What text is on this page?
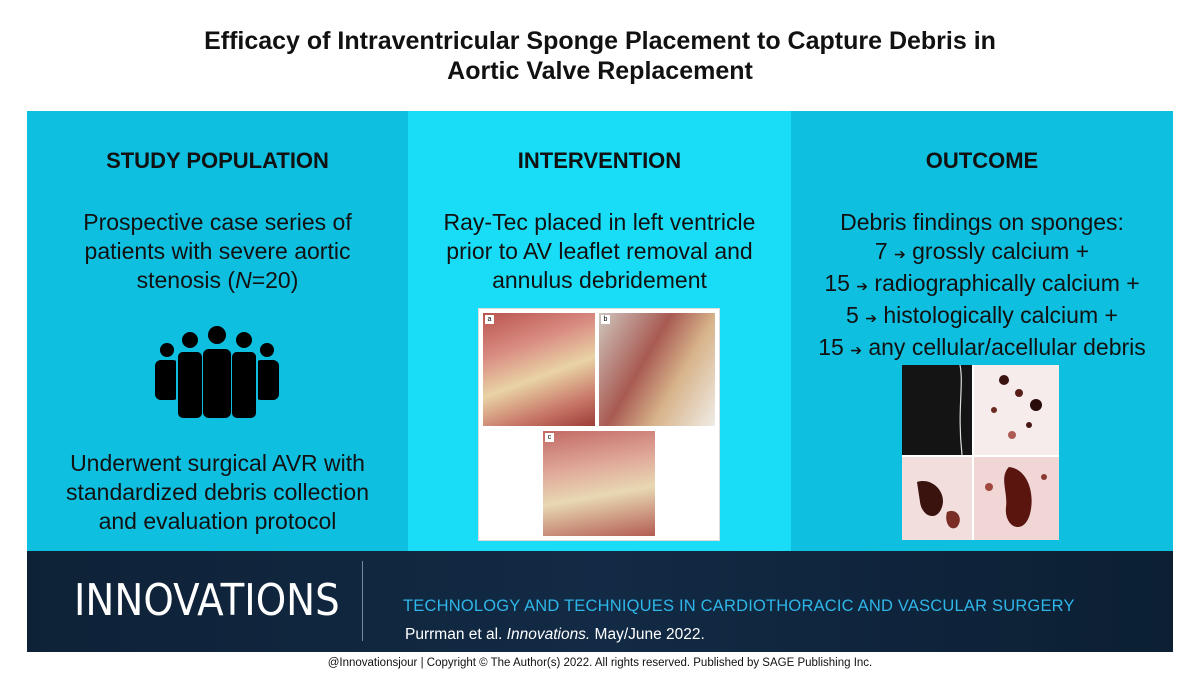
Efficacy of Intraventricular Sponge Placement to Capture Debris in
Aortic Valve Replacement
STUDY POPULATION
Prospective case series of
patients with severe aortic
stenosis (N=20)
Underwent surgical AVR with
standardized debris collection
and evaluation protocol
INTERVENTION
Ray-Tec placed in left ventricle
prior to AV leaflet removal and
annulus debridement
a	b
c
OUTCOME
Debris findings on sponges:
7 ➔ grossly calcium +
15 ➔ radiographically calcium +
5 ➔ histologically calcium +
15 ➔ any cellular/acellular debris
INNOVATIONS	TECHNOLOGY AND TECHNIQUES IN CARDIOTHORACIC AND VASCULAR SURGERY
Purrman et al. Innovations. May/June 2022.
@Innovationsjour | Copyright © The Author(s) 2022. All rights reserved. Published by SAGE Publishing Inc.
